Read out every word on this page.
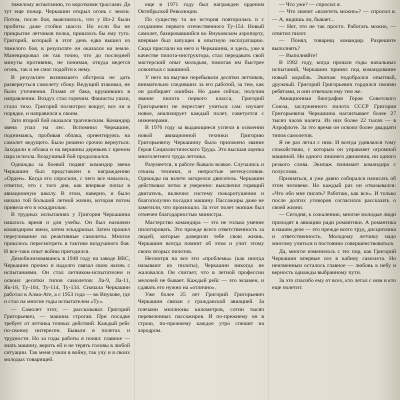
тяжелому испытанию, то короткими трассами. Да тут еще пожар. Черкашин открыл огонь с земли. Потом, после боя, выяснилось, что у Ил-2 были пробиты даже стойки шасси. Но если бы не прикрытие летчиков полка, пришлось бы ему туго. Григорий, который в этот день едва вышел из тяжелого боя, в результате он оказался на земле. Маневрировал он так точно, что до последней минуты противник, не понимая, откуда ведется огонь, так и не смог подойти к нему.

В результате возникшего обстрела не дать развернуться самолету сбоку. Ведущий атаковал, не было уточнения. Пламя от бака, крушивших в направлении. Воздух стал горячим. Фашисты ушли, стало тихо. Григорий посмотрел вокруг, все ли в порядке, и направился к своим.

Зато второй бой оказался трагическим. Командир звена упал на лес. Вспомнил Черкашин, поднимаясь, пробивая облака, ориентируясь на самолет ведущего. Было решено срочно вернуться. Заходили в облака и на вершины деревьев с креном пара исчезла. Воздушный бой продолжался.

Однажды за боевой подвиг командир звена Черкашин был представлен к награждению «Орден». Когда его спросили, с чего все началось, ответил, что с того дня, как впервые попал в авиационную школу. В этом, наверно, и было начало той большой летной жизни, которая потом привела его в эскадрилью.

В трудных испытаниях у Григория Черкашина нашлось время и для учебы. Он был назначен командиром звена, затем эскадрильи. Затем прошел переучивание на реактивные самолеты. Многое пришлось пересмотреть в тактике воздушного боя. И все-таки опыт войны пригодился.

Демобилизовавшись в 1948 году на заводе ВВС, Черкашин прочно и надолго связал свою жизнь с испытаниями. Он стал летчиком-испытателем и освоил десятки типов самолетов: Ла-9, Ла-11, Як-18, Ту-104, Ту-114, Ту-134. Сначала Черкашин работал в Алма-Ате, а с 1953 года — во Внукове, где и стал на многие годы испытателем «Ту».

— Самолет этот, — рассказывал Григорий Григорьевич, — машина строгая. При посадке требует от летчика точных действий. Каждый рейс по-своему интересен. Бывали в полетах и трудности. Но за годы работы я понял: главное — знать машину, верить ей и не терять головы в любой ситуации. Так меня учили в войну, так учу и я своих молодых товарищей.

еще в 1971 году был награжден орденом Октябрьской Революции.

По существу та же история повторилась и с созданием первого отечественного Ту-154. Новый самолет, базировавшийся во Внуковском аэропорту, впервые был запущен в опытную эксплуатацию. Сюда прислали на него и Черкашина, и здесь, уже в качестве пилота-инструктора, стал передавать свой мастерский опыт молодым, помогая им быстрее освоиться с машиной.

У него на выучке перебывали десятки летчиков, внимательно следивших за его работой, за тем, как он разбирает ошибки. Но даже сейчас, получив звание пилота первого класса, Григорий Григорьевич не перестает учиться сам: изучает новое, анализирует каждый полет, советуется с инженерами.

В 1976 году за выдающиеся успехи в освоении новой авиационной техники Григорию Григорьевичу Черкашину было присвоено звание Героя Социалистического Труда. Это высшая оценка многолетнего труда летчика.

Разумеется, в работе бывало всякое. Случались и отказы техники, и непростые метеоусловия. Однажды на взлете загорелся двигатель. Черкашин действовал четко и уверенно: выключил горящий двигатель, включил систему пожаротушения и благополучно посадил машину. Пассажиры даже не заметили, что произошло. За этот полет экипаж был отмечен благодарностью министра.

Мастерство командира — это не только умение пилотировать. Это прежде всего ответственность за людей, которые доверили тебе свою жизнь. Черкашин всегда помнит об этом и учит этому своих вторых пилотов.

Несмотря на все эти «проблемы» (как иногда называют их пилоты), Черкашин никогда не жаловался. Он считает, что в летной профессии мелочей не бывает. Каждый рейс — это экзамен, и сдавать его нужно на «отлично».

Уже более 25 лет Григорий Григорьевич Черкашин связан с гражданской авиацией. За плечами миллионы километров, сотни тысяч перевезенных пассажиров. И по-прежнему он в строю, по-прежнему каждое утро спешит на аэродром.

— Что уже? — спросил я.

— Что значит «взлететь можно»? — спросил я. — А, видишь ли, бывает...

— Нет, это не так просто. Работать можно, — ответил пилот.

— Понял, товарищ командир. Разрешите выполнять?

— Выполняйте!

В 1982 году, когда прошли годы начальных испытаний, Черкашин принял под командование новый корабль. Экипаж подобрался опытный, дружный. Григорий Григорьевич гордился своими ребятами, и они отвечали ему тем же.

Авиационная биография Героя Советского Союза, заслуженного пилота СССР Григория Григорьевича Черкашина насчитывает более 27 тысяч часов налета. Из них более 22 тысяч — в Аэрофлоте. За это время он освоил более двадцати типов самолетов.

Я не раз летал с ним. И всегда удивлялся тому спокойствию, с которым он управляет огромной машиной. Ни одного лишнего движения, ни одного резкого слова. Экипаж понимает командира с полуслова.

Признаться, я уже давно собирался написать об этом человеке. Но каждый раз он отказывался: «Что обо мне писать? Работаю, как все». И только после долгих уговоров согласился рассказать о своей жизни.

— Сегодня, к сожалению, многие молодые люди приходят в авиацию ради романтики. А романтика в нашем деле — это прежде всего труд, дисциплина и ответственность. Молодому летчику надо многому учиться и постоянно совершенствоваться.

Да, многое изменилось с тех пор, как Григорий Черкашин впервые сел в кабину самолета. Но неизменным осталось главное — любовь к небу и верность однажды выбранному пути.

За это спасибо ему от всех, кто летал с ним и кто еще полетит.
